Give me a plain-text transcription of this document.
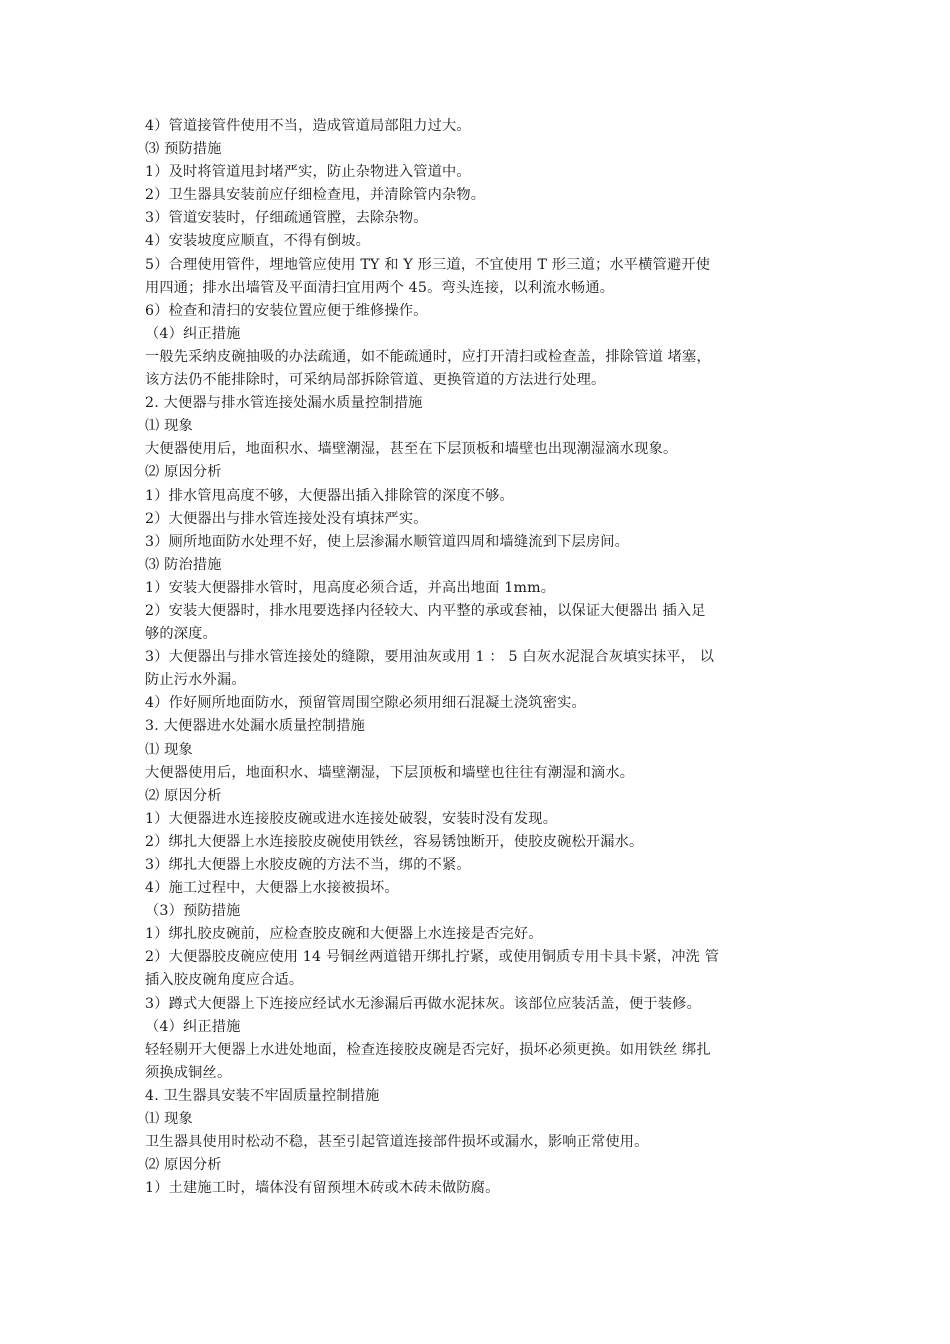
4）管道接管件使用不当，造成管道局部阻力过大。
⑶ 预防措施
1）及时将管道甩封堵严实，防止杂物进入管道中。
2）卫生器具安装前应仔细检查甩，并清除管内杂物。
3）管道安装时，仔细疏通管膛，去除杂物。
4）安装坡度应顺直，不得有倒坡。
5）合理使用管件，埋地管应使用 TY 和 Y 形三道，不宜使用 T 形三道；水平横管避开使
用四通；排水出墙管及平面清扫宜用两个 45。弯头连接，以利流水畅通。
6）检查和清扫的安装位置应便于维修操作。
（4）纠正措施
一般先采纳皮碗抽吸的办法疏通，如不能疏通时，应打开清扫或检查盖，排除管道 堵塞，
该方法仍不能排除时，可采纳局部拆除管道、更换管道的方法进行处理。
2. 大便器与排水管连接处漏水质量控制措施
⑴ 现象
大便器使用后，地面积水、墙壁潮湿，甚至在下层顶板和墙壁也出现潮湿滴水现象。
⑵ 原因分析
1）排水管甩高度不够，大便器出插入排除管的深度不够。
2）大便器出与排水管连接处没有填抹严实。
3）厕所地面防水处理不好，使上层渗漏水顺管道四周和墙缝流到下层房间。
⑶ 防治措施
1）安装大便器排水管时，甩高度必须合适，并高出地面 1mm。
2）安装大便器时，排水甩要选择内径较大、内平整的承或套袖，以保证大便器出 插入足
够的深度。
3）大便器出与排水管连接处的缝隙，要用油灰或用 1 ： 5 白灰水泥混合灰填实抹平， 以
防止污水外漏。
4）作好厕所地面防水，预留管周围空隙必须用细石混凝土浇筑密实。
3. 大便器进水处漏水质量控制措施
⑴ 现象
大便器使用后，地面积水、墙壁潮湿，下层顶板和墙壁也往往有潮湿和滴水。
⑵ 原因分析
1）大便器进水连接胶皮碗或进水连接处破裂，安装时没有发现。
2）绑扎大便器上水连接胶皮碗使用铁丝，容易锈蚀断开，使胶皮碗松开漏水。
3）绑扎大便器上水胶皮碗的方法不当，绑的不紧。
4）施工过程中，大便器上水接被损坏。
（3）预防措施
1）绑扎胶皮碗前，应检查胶皮碗和大便器上水连接是否完好。
2）大便器胶皮碗应使用 14 号铜丝两道错开绑扎拧紧，或使用铜质专用卡具卡紧，冲洗 管
插入胶皮碗角度应合适。
3）蹲式大便器上下连接应经试水无渗漏后再做水泥抹灰。该部位应装活盖，便于装修。
（4）纠正措施
轻轻剔开大便器上水进处地面，检查连接胶皮碗是否完好，损坏必须更换。如用铁丝 绑扎
须换成铜丝。
4. 卫生器具安装不牢固质量控制措施
⑴ 现象
卫生器具使用时松动不稳，甚至引起管道连接部件损坏或漏水，影响正常使用。
⑵ 原因分析
1）土建施工时，墙体没有留预埋木砖或木砖未做防腐。
